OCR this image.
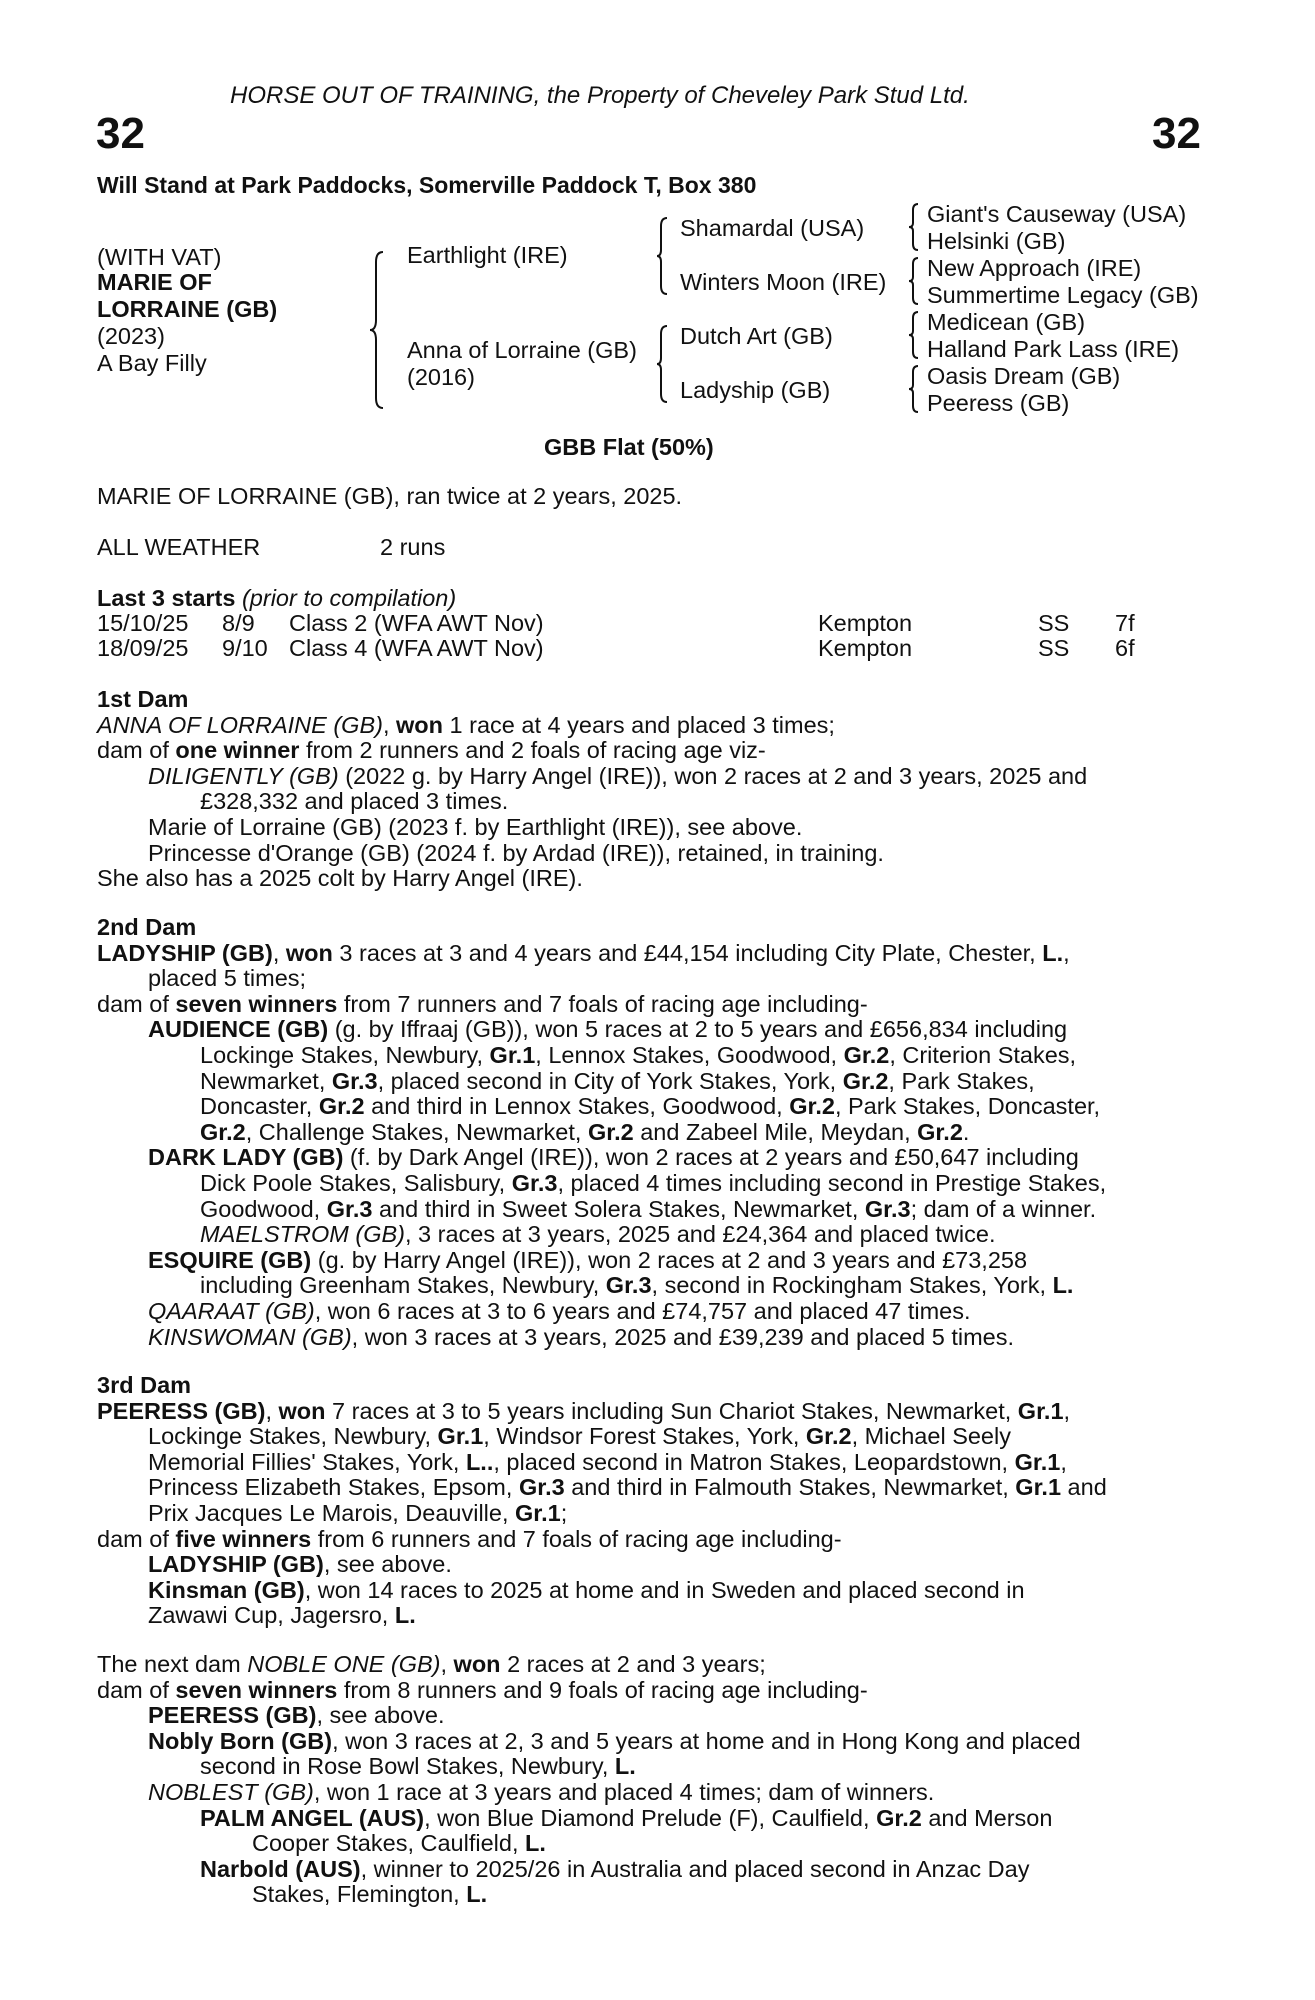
HORSE OUT OF TRAINING, the Property of Cheveley Park Stud Ltd.
32	32
Will Stand at Park Paddocks, Somerville Paddock T, Box 380
(WITH VAT)
MARIE OF
LORRAINE (GB)
(2023)
A Bay Filly
Earthlight (IRE)
Anna of Lorraine (GB)
(2016)
Shamardal (USA)
Winters Moon (IRE)
Dutch Art (GB)
Ladyship (GB)
Giant's Causeway (USA)
Helsinki (GB)
New Approach (IRE)
Summertime Legacy (GB)
Medicean (GB)
Halland Park Lass (IRE)
Oasis Dream (GB)
Peeress (GB)
GBB Flat (50%)
MARIE OF LORRAINE (GB), ran twice at 2 years, 2025.
ALL WEATHER	2 runs
Last 3 starts (prior to compilation)
15/10/25 8/9 Class 2 (WFA AWT Nov)	Kempton	SS 7f
18/09/25 9/10 Class 4 (WFA AWT Nov)	Kempton	SS 6f
1st Dam
ANNA OF LORRAINE (GB), won 1 race at 4 years and placed 3 times;
dam of one winner from 2 runners and 2 foals of racing age viz-
DILIGENTLY (GB) (2022 g. by Harry Angel (IRE)), won 2 races at 2 and 3 years, 2025 and
£328,332 and placed 3 times.
Marie of Lorraine (GB) (2023 f. by Earthlight (IRE)), see above.
Princesse d'Orange (GB) (2024 f. by Ardad (IRE)), retained, in training.
She also has a 2025 colt by Harry Angel (IRE).
2nd Dam
LADYSHIP (GB), won 3 races at 3 and 4 years and £44,154 including City Plate, Chester, L.,
placed 5 times;
dam of seven winners from 7 runners and 7 foals of racing age including-
AUDIENCE (GB) (g. by Iffraaj (GB)), won 5 races at 2 to 5 years and £656,834 including
Lockinge Stakes, Newbury, Gr.1, Lennox Stakes, Goodwood, Gr.2, Criterion Stakes,
Newmarket, Gr.3, placed second in City of York Stakes, York, Gr.2, Park Stakes,
Doncaster, Gr.2 and third in Lennox Stakes, Goodwood, Gr.2, Park Stakes, Doncaster,
Gr.2, Challenge Stakes, Newmarket, Gr.2 and Zabeel Mile, Meydan, Gr.2.
DARK LADY (GB) (f. by Dark Angel (IRE)), won 2 races at 2 years and £50,647 including
Dick Poole Stakes, Salisbury, Gr.3, placed 4 times including second in Prestige Stakes,
Goodwood, Gr.3 and third in Sweet Solera Stakes, Newmarket, Gr.3; dam of a winner.
MAELSTROM (GB), 3 races at 3 years, 2025 and £24,364 and placed twice.
ESQUIRE (GB) (g. by Harry Angel (IRE)), won 2 races at 2 and 3 years and £73,258
including Greenham Stakes, Newbury, Gr.3, second in Rockingham Stakes, York, L.
QAARAAT (GB), won 6 races at 3 to 6 years and £74,757 and placed 47 times.
KINSWOMAN (GB), won 3 races at 3 years, 2025 and £39,239 and placed 5 times.
3rd Dam
PEERESS (GB), won 7 races at 3 to 5 years including Sun Chariot Stakes, Newmarket, Gr.1,
Lockinge Stakes, Newbury, Gr.1, Windsor Forest Stakes, York, Gr.2, Michael Seely
Memorial Fillies' Stakes, York, L.., placed second in Matron Stakes, Leopardstown, Gr.1,
Princess Elizabeth Stakes, Epsom, Gr.3 and third in Falmouth Stakes, Newmarket, Gr.1 and
Prix Jacques Le Marois, Deauville, Gr.1;
dam of five winners from 6 runners and 7 foals of racing age including-
LADYSHIP (GB), see above.
Kinsman (GB), won 14 races to 2025 at home and in Sweden and placed second in
Zawawi Cup, Jagersro, L.
The next dam NOBLE ONE (GB), won 2 races at 2 and 3 years;
dam of seven winners from 8 runners and 9 foals of racing age including-
PEERESS (GB), see above.
Nobly Born (GB), won 3 races at 2, 3 and 5 years at home and in Hong Kong and placed
second in Rose Bowl Stakes, Newbury, L.
NOBLEST (GB), won 1 race at 3 years and placed 4 times; dam of winners.
PALM ANGEL (AUS), won Blue Diamond Prelude (F), Caulfield, Gr.2 and Merson
Cooper Stakes, Caulfield, L.
Narbold (AUS), winner to 2025/26 in Australia and placed second in Anzac Day
Stakes, Flemington, L.
